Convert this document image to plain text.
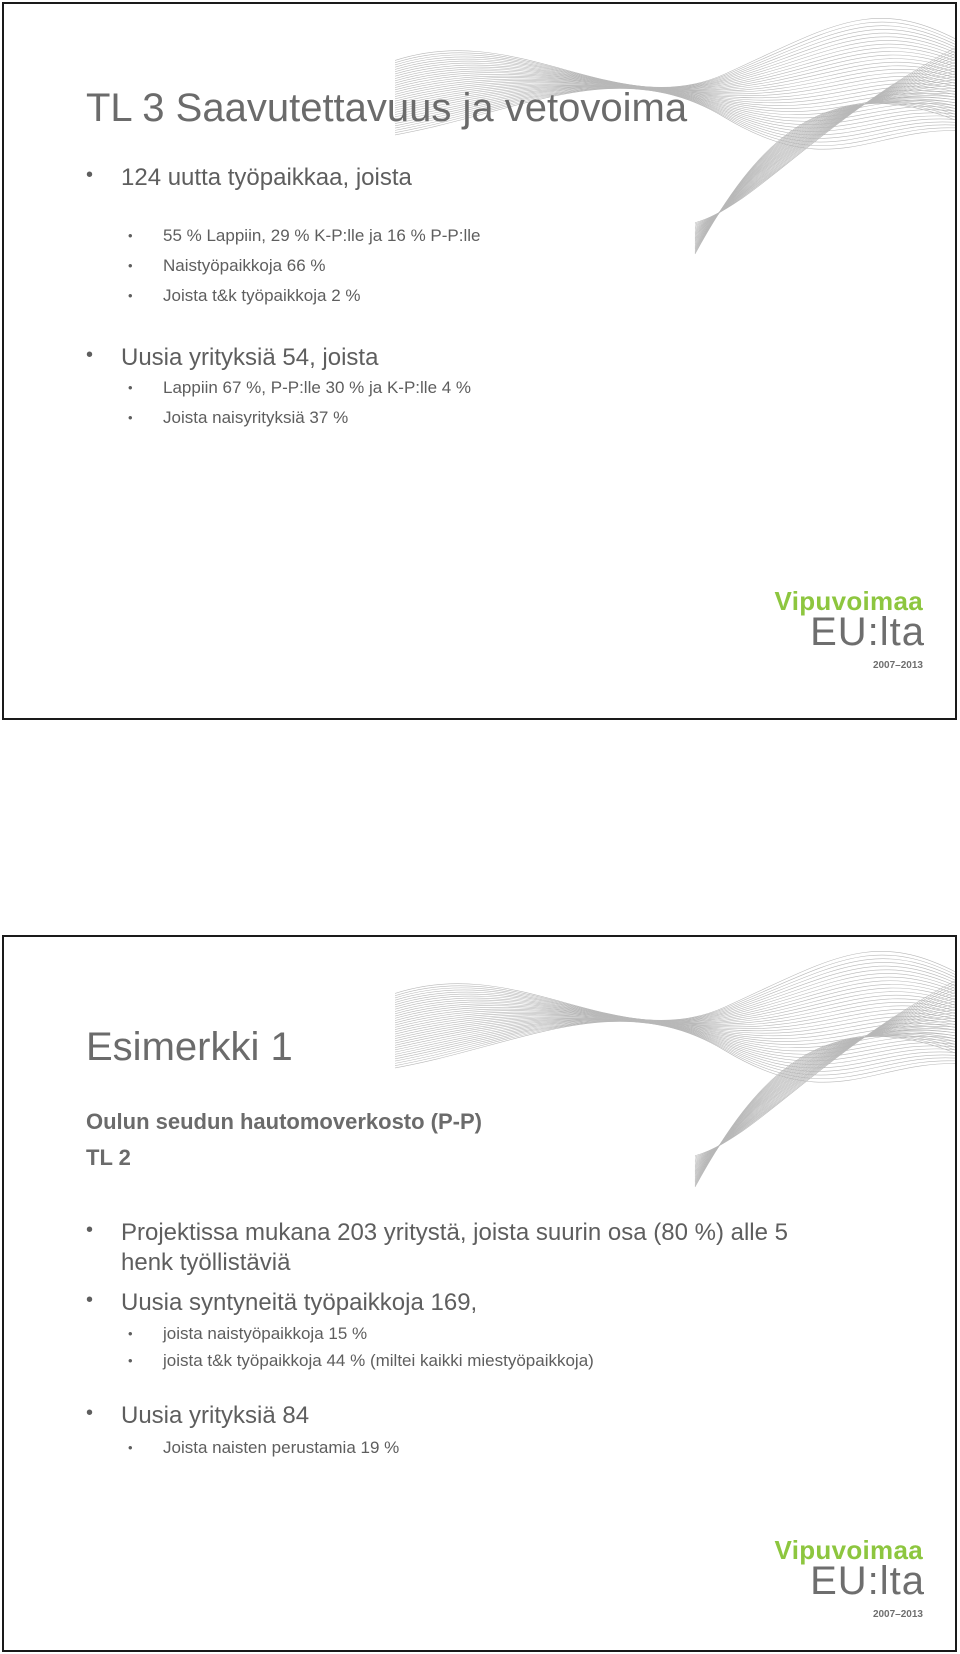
TL 3 Saavutettavuus ja vetovoima
• 124 uutta työpaikkaa, joista
• 55 % Lappiin, 29 % K-P:lle ja 16 % P-P:lle
• Naistyöpaikkoja 66 %
• Joista t&k työpaikkoja 2 %
• Uusia yrityksiä 54, joista
• Lappiin 67 %, P-P:lle 30 % ja K-P:lle 4 %
• Joista naisyrityksiä 37 %
Vipuvoimaa
EU:lta
2007–2013
Esimerkki 1
Oulun seudun hautomoverkosto (P-P)
TL 2
• Projektissa mukana 203 yritystä, joista suurin osa (80 %) alle 5
henk työllistäviä
• Uusia syntyneitä työpaikkoja 169,
• joista naistyöpaikkoja 15 %
• joista t&k työpaikkoja 44 % (miltei kaikki miestyöpaikkoja)
• Uusia yrityksiä 84
• Joista naisten perustamia 19 %
Vipuvoimaa
EU:lta
2007–2013
